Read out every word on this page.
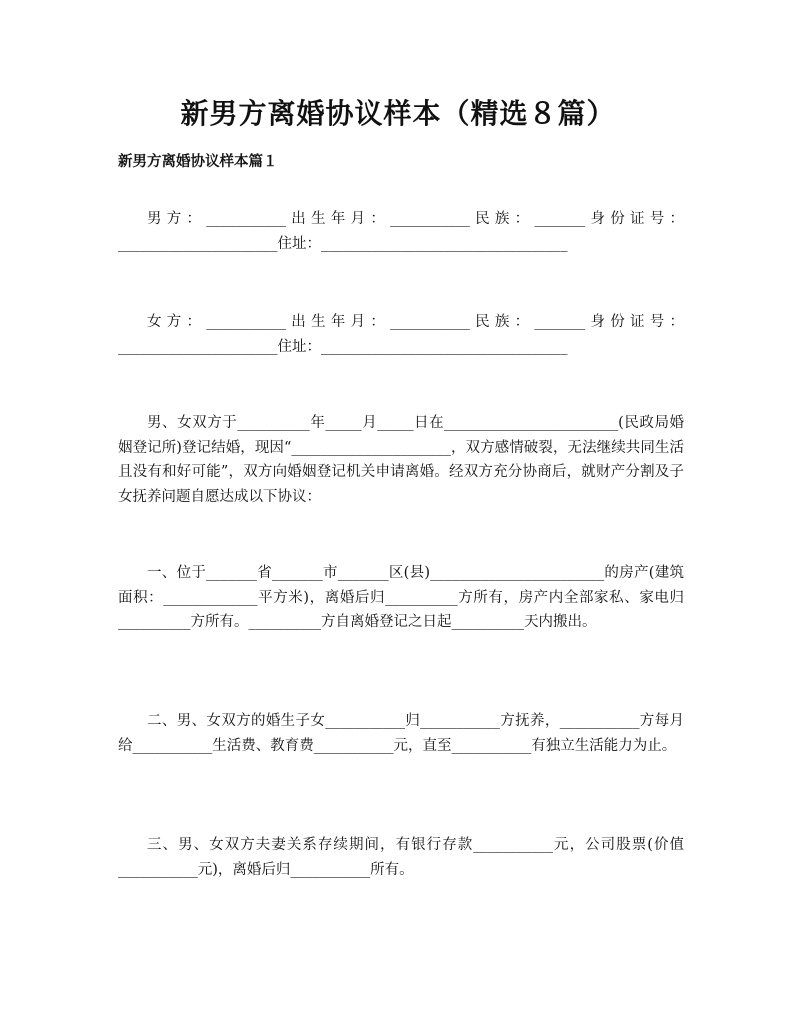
新男方离婚协议样本（精选８篇）
新男方离婚协议样本篇１
男方：___________出生年月：___________民族：_______身份证号：______________________住址：__________________________________
女方：___________出生年月：___________民族：_______身份证号：______________________住址：__________________________________
男、女双方于__________年_____月_____日在________________________(民政局婚姻登记所)登记结婚，现因“______________________，双方感情破裂，无法继续共同生活且没有和好可能”，双方向婚姻登记机关申请离婚。经双方充分协商后，就财产分割及子女抚养问题自愿达成以下协议：
一、位于_______省_______市_______区(县)________________________的房产(建筑面积：_____________平方米)，离婚后归__________方所有，房产内全部家私、家电归__________方所有。__________方自离婚登记之日起__________天内搬出。
二、男、女双方的婚生子女___________归___________方抚养，___________方每月给___________生活费、教育费___________元，直至___________有独立生活能力为止。
三、男、女双方夫妻关系存续期间，有银行存款___________元，公司股票(价值___________元)，离婚后归___________所有。
